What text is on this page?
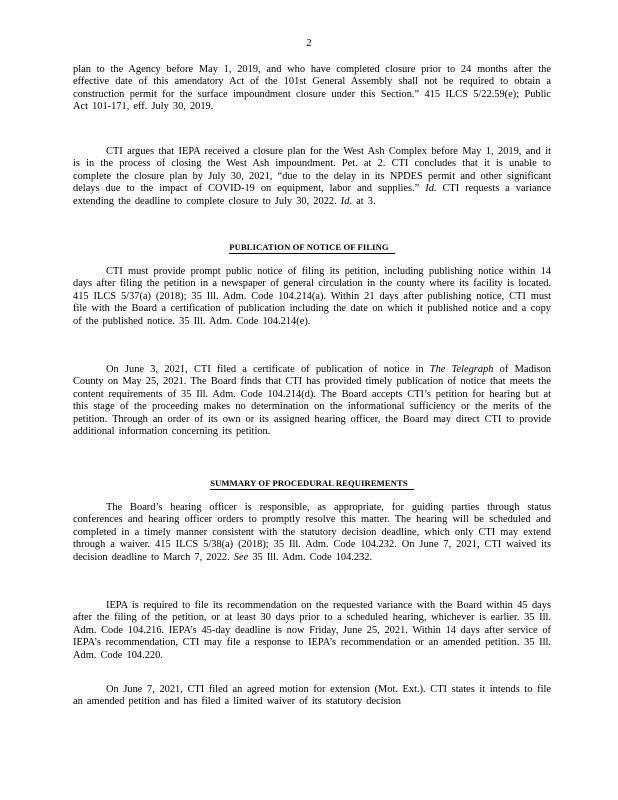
2

plan to the Agency before May 1, 2019, and who have completed closure prior to 24 months after the effective date of this amendatory Act of the 101st General Assembly shall not be required to obtain a construction permit for the surface impoundment closure under this Section.” 415 ILCS 5/22.59(e); Public Act 101-171, eff. July 30, 2019.

CTI argues that IEPA received a closure plan for the West Ash Complex before May 1, 2019, and it is in the process of closing the West Ash impoundment. Pet. at 2. CTI concludes that it is unable to complete the closure plan by July 30, 2021, “due to the delay in its NPDES permit and other significant delays due to the impact of COVID-19 on equipment, labor and supplies.” Id. CTI requests a variance extending the deadline to complete closure to July 30, 2022. Id. at 3.

PUBLICATION OF NOTICE OF FILING

CTI must provide prompt public notice of filing its petition, including publishing notice within 14 days after filing the petition in a newspaper of general circulation in the county where its facility is located. 415 ILCS 5/37(a) (2018); 35 Ill. Adm. Code 104.214(a). Within 21 days after publishing notice, CTI must file with the Board a certification of publication including the date on which it published notice and a copy of the published notice. 35 Ill. Adm. Code 104.214(e).

On June 3, 2021, CTI filed a certificate of publication of notice in The Telegraph of Madison County on May 25, 2021. The Board finds that CTI has provided timely publication of notice that meets the content requirements of 35 Ill. Adm. Code 104.214(d). The Board accepts CTI’s petition for hearing but at this stage of the proceeding makes no determination on the informational sufficiency or the merits of the petition. Through an order of its own or its assigned hearing officer, the Board may direct CTI to provide additional information concerning its petition.

SUMMARY OF PROCEDURAL REQUIREMENTS

The Board’s hearing officer is responsible, as appropriate, for guiding parties through status conferences and hearing officer orders to promptly resolve this matter. The hearing will be scheduled and completed in a timely manner consistent with the statutory decision deadline, which only CTI may extend through a waiver. 415 ILCS 5/38(a) (2018); 35 Ill. Adm. Code 104.232. On June 7, 2021, CTI waived its decision deadline to March 7, 2022. See 35 Ill. Adm. Code 104.232.

IEPA is required to file its recommendation on the requested variance with the Board within 45 days after the filing of the petition, or at least 30 days prior to a scheduled hearing, whichever is earlier. 35 Ill. Adm. Code 104.216. IEPA’s 45-day deadline is now Friday, June 25, 2021. Within 14 days after service of IEPA’s recommendation, CTI may file a response to IEPA’s recommendation or an amended petition. 35 Ill. Adm. Code 104.220.

On June 7, 2021, CTI filed an agreed motion for extension (Mot. Ext.). CTI states it intends to file an amended petition and has filed a limited waiver of its statutory decision
